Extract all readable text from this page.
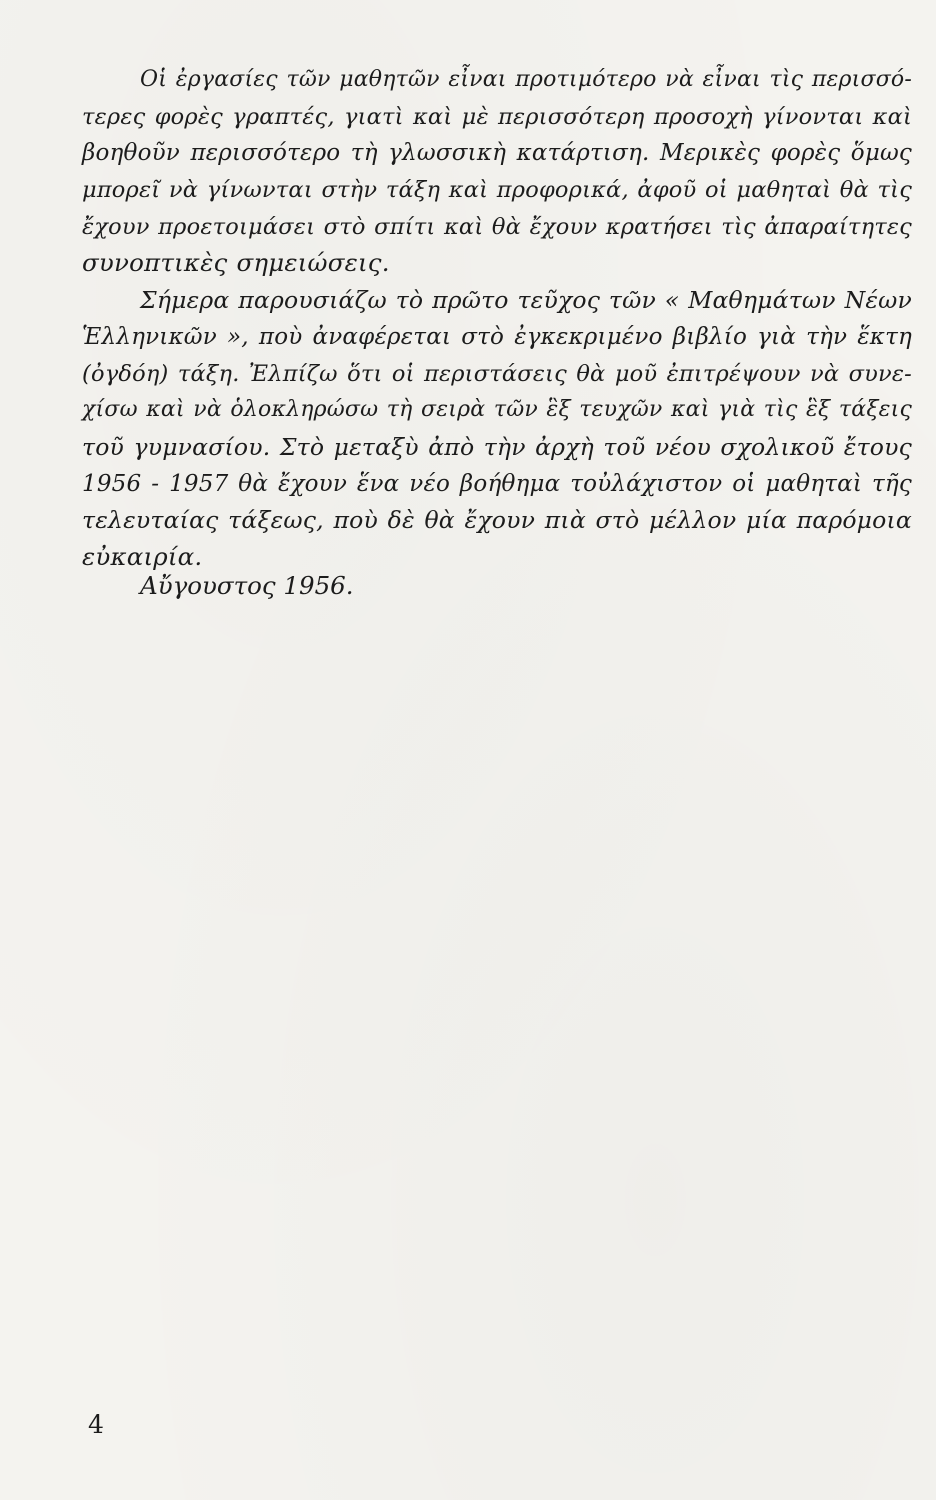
Οἱ ἐργασίες τῶν μαθητῶν εἶναι προτιμότερο νὰ εἶναι τὶς περισσό-
τερες φορὲς γραπτές, γιατὶ καὶ μὲ περισσότερη προσοχὴ γίνονται καὶ
βοηθοῦν περισσότερο τὴ γλωσσικὴ κατάρτιση. Μερικὲς φορὲς ὅμως
μπορεῖ νὰ γίνωνται στὴν τάξη καὶ προφορικά, ἀφοῦ οἱ μαθηταὶ θὰ τὶς
ἔχουν προετοιμάσει στὸ σπίτι καὶ θὰ ἔχουν κρατήσει τὶς ἀπαραίτητες
συνοπτικὲς σημειώσεις.
Σήμερα παρουσιάζω τὸ πρῶτο τεῦχος τῶν « Μαθημάτων Νέων
Ἑλληνικῶν », ποὺ ἀναφέρεται στὸ ἐγκεκριμένο βιβλίο γιὰ τὴν ἕκτη
(ὀγδόη) τάξη. Ἐλπίζω ὅτι οἱ περιστάσεις θὰ μοῦ ἐπιτρέψουν νὰ συνε-
χίσω καὶ νὰ ὁλοκληρώσω τὴ σειρὰ τῶν ἓξ τευχῶν καὶ γιὰ τὶς ἓξ τάξεις
τοῦ γυμνασίου. Στὸ μεταξὺ ἀπὸ τὴν ἀρχὴ τοῦ νέου σχολικοῦ ἔτους
1956 - 1957 θὰ ἔχουν ἕνα νέο βοήθημα τοὐλάχιστον οἱ μαθηταὶ τῆς
τελευταίας τάξεως, ποὺ δὲ θὰ ἔχουν πιὰ στὸ μέλλον μία παρόμοια
εὐκαιρία.
Αὔγουστος 1956.
4
